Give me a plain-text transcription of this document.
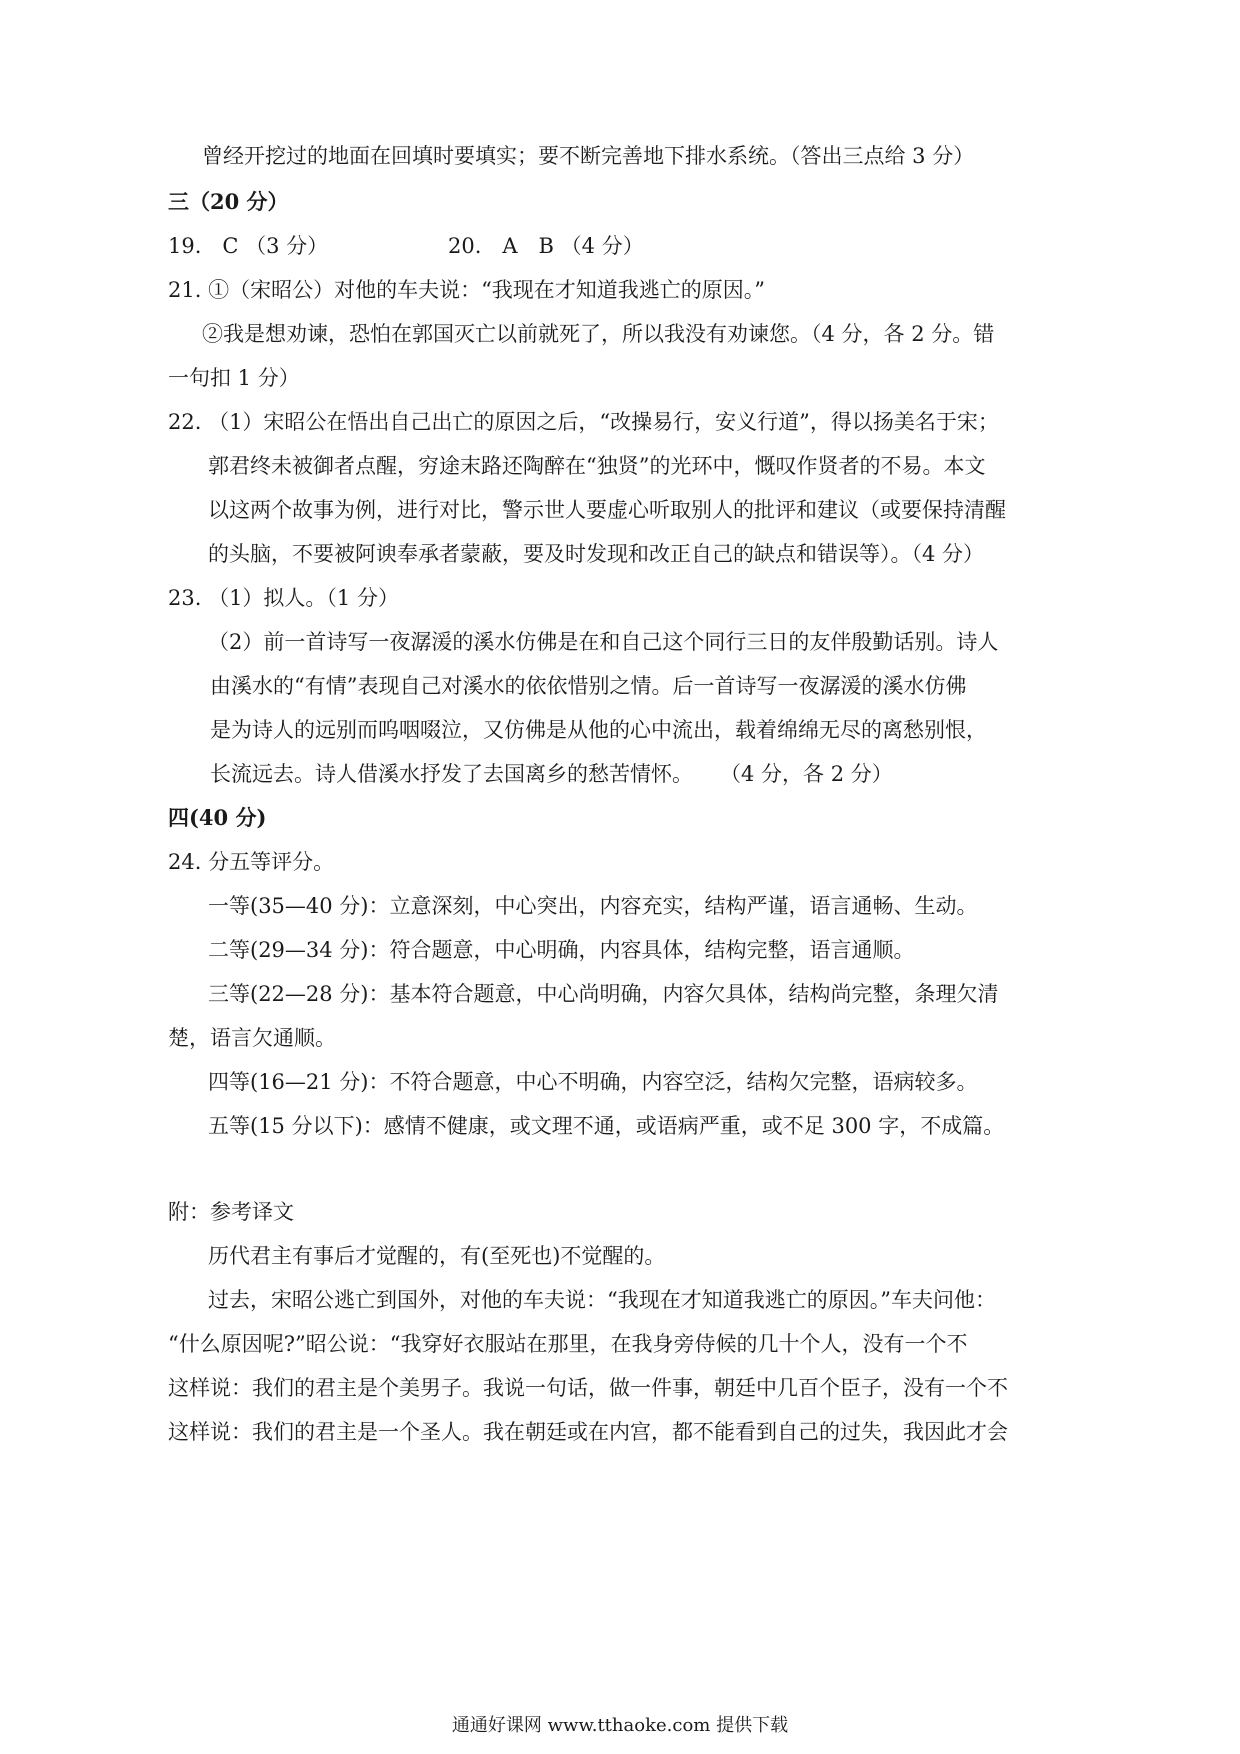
曾经开挖过的地面在回填时要填实；要不断完善地下排水系统。（答出三点给 3 分）
三（20 分）
19.　C （3 分）	20.　A　B （4 分）
21. ①（宋昭公）对他的车夫说：“我现在才知道我逃亡的原因。”
②我是想劝谏，恐怕在郭国灭亡以前就死了，所以我没有劝谏您。（4 分，各 2 分。错
一句扣 1 分）
22. （1）宋昭公在悟出自己出亡的原因之后，“改操易行，安义行道”，得以扬美名于宋；
郭君终未被御者点醒，穷途末路还陶醉在“独贤”的光环中，慨叹作贤者的不易。本文
以这两个故事为例，进行对比，警示世人要虚心听取别人的批评和建议（或要保持清醒
的头脑，不要被阿谀奉承者蒙蔽，要及时发现和改正自己的缺点和错误等）。（4 分）
23. （1）拟人。（1 分）
（2）前一首诗写一夜潺湲的溪水仿佛是在和自己这个同行三日的友伴殷勤话别。诗人
由溪水的“有情”表现自己对溪水的依依惜别之情。后一首诗写一夜潺湲的溪水仿佛
是为诗人的远别而呜咽啜泣，又仿佛是从他的心中流出，载着绵绵无尽的离愁别恨，
长流远去。诗人借溪水抒发了去国离乡的愁苦情怀。 （4 分，各 2 分）
四(40 分)
24. 分五等评分。
一等(35—40 分)：立意深刻，中心突出，内容充实，结构严谨，语言通畅、生动。
二等(29—34 分)：符合题意，中心明确，内容具体，结构完整，语言通顺。
三等(22—28 分)：基本符合题意，中心尚明确，内容欠具体，结构尚完整，条理欠清
楚，语言欠通顺。
四等(16—21 分)：不符合题意，中心不明确，内容空泛，结构欠完整，语病较多。
五等(15 分以下)：感情不健康，或文理不通，或语病严重，或不足 300 字，不成篇。
附：参考译文
历代君主有事后才觉醒的，有(至死也)不觉醒的。
过去，宋昭公逃亡到国外，对他的车夫说：“我现在才知道我逃亡的原因。”车夫问他：
“什么原因呢?”昭公说：“我穿好衣服站在那里，在我身旁侍候的几十个人，没有一个不
这样说：我们的君主是个美男子。我说一句话，做一件事，朝廷中几百个臣子，没有一个不
这样说：我们的君主是一个圣人。我在朝廷或在内宫，都不能看到自己的过失，我因此才会
通通好课网 www.tthaoke.com 提供下载
